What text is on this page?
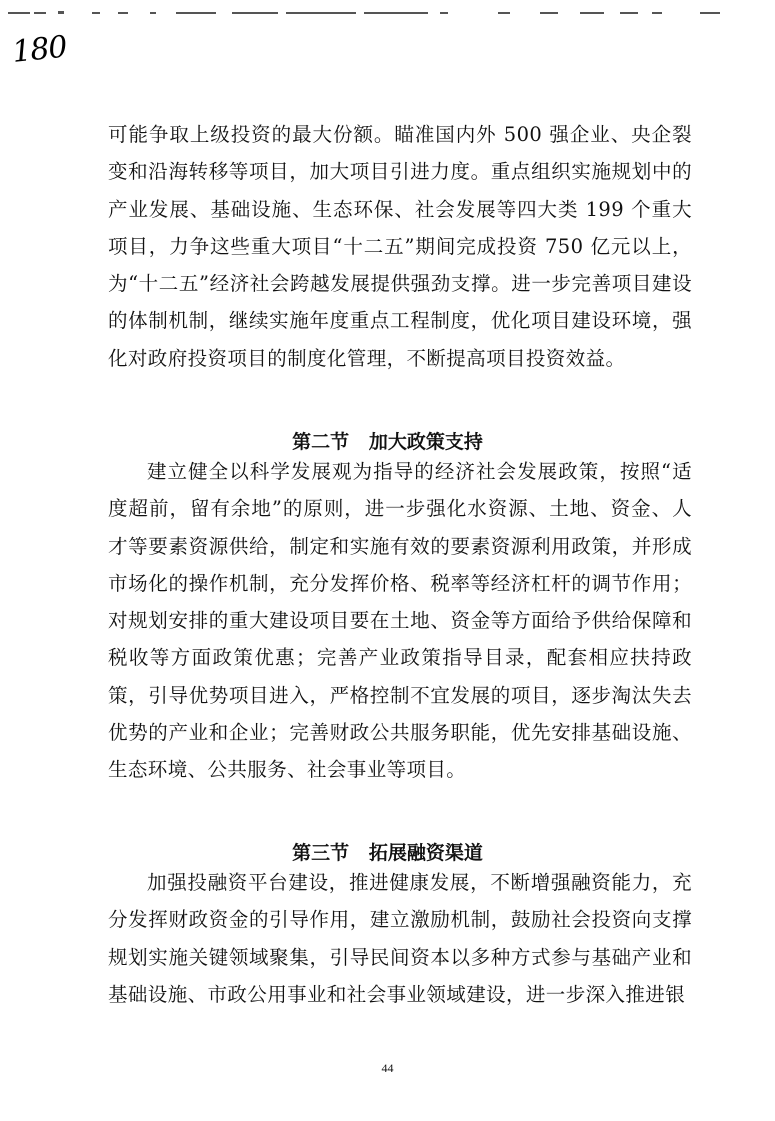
180

可能争取上级投资的最大份额。瞄准国内外 500 强企业、央企裂变和沿海转移等项目，加大项目引进力度。重点组织实施规划中的产业发展、基础设施、生态环保、社会发展等四大类 199 个重大项目，力争这些重大项目“十二五”期间完成投资 750 亿元以上，为“十二五”经济社会跨越发展提供强劲支撑。进一步完善项目建设的体制机制，继续实施年度重点工程制度，优化项目建设环境，强化对政府投资项目的制度化管理，不断提高项目投资效益。

第二节   加大政策支持

建立健全以科学发展观为指导的经济社会发展政策，按照“适度超前，留有余地”的原则，进一步强化水资源、土地、资金、人才等要素资源供给，制定和实施有效的要素资源利用政策，并形成市场化的操作机制，充分发挥价格、税率等经济杠杆的调节作用；对规划安排的重大建设项目要在土地、资金等方面给予供给保障和税收等方面政策优惠；完善产业政策指导目录，配套相应扶持政策，引导优势项目进入，严格控制不宜发展的项目，逐步淘汰失去优势的产业和企业；完善财政公共服务职能，优先安排基础设施、生态环境、公共服务、社会事业等项目。

第三节   拓展融资渠道

加强投融资平台建设，推进健康发展，不断增强融资能力，充分发挥财政资金的引导作用，建立激励机制，鼓励社会投资向支撑规划实施关键领域聚集，引导民间资本以多种方式参与基础产业和基础设施、市政公用事业和社会事业领域建设，进一步深入推进银

44
